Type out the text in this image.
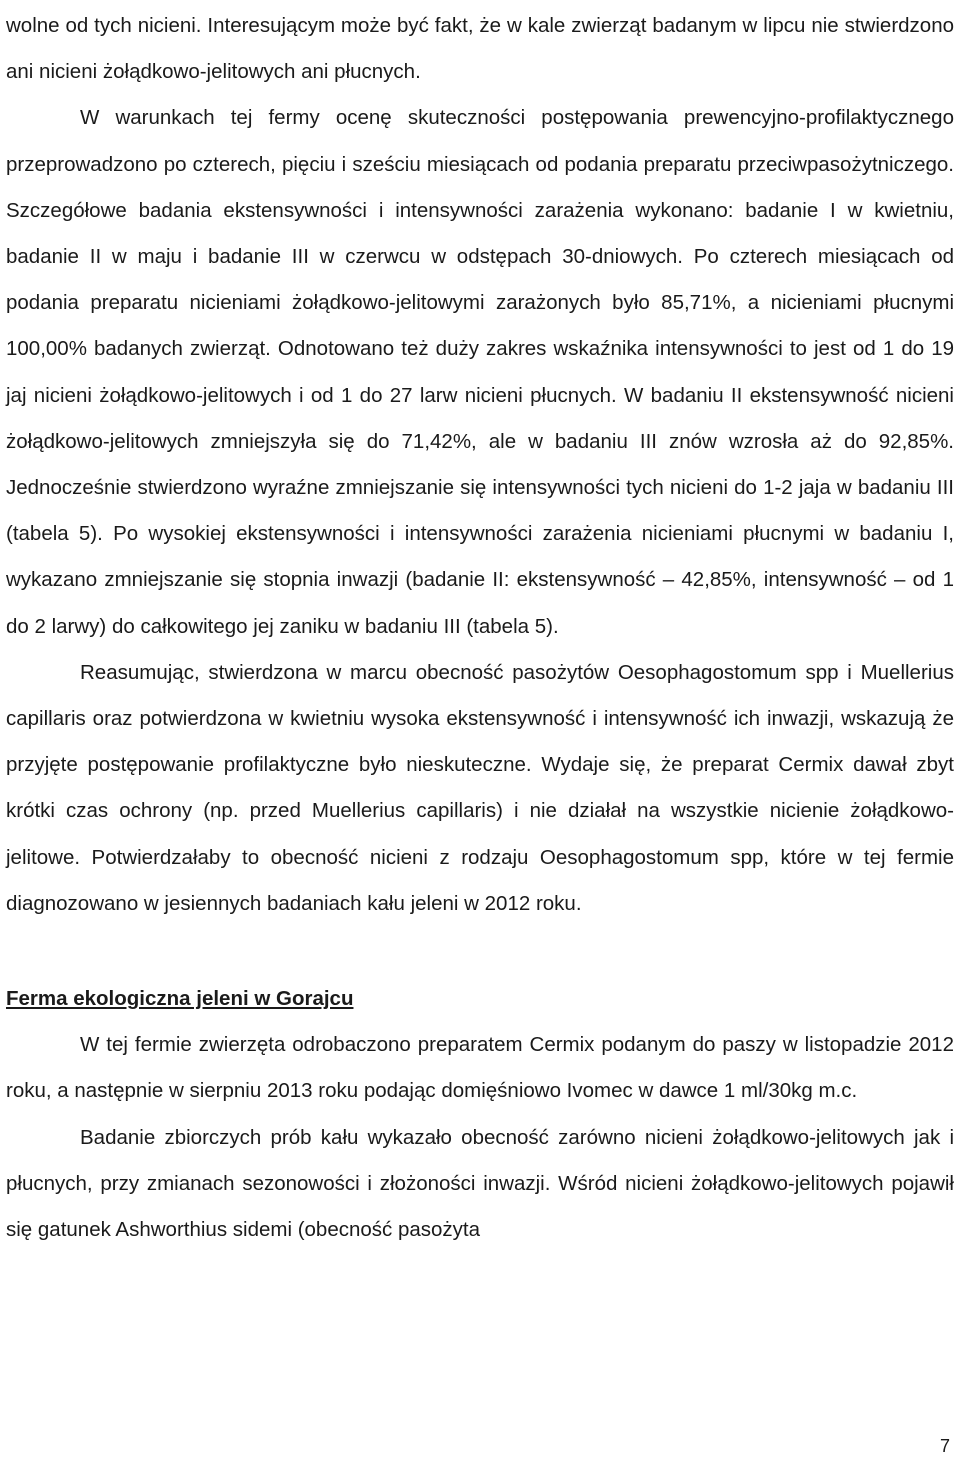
wolne od tych nicieni. Interesującym może być fakt, że w kale zwierząt badanym w lipcu nie stwierdzono ani nicieni żołądkowo-jelitowych ani płucnych.

W warunkach tej fermy ocenę skuteczności postępowania prewencyjno-profilaktycznego przeprowadzono po czterech, pięciu i sześciu miesiącach od podania preparatu przeciwpasożytniczego. Szczegółowe badania ekstensywności i intensywności zarażenia wykonano: badanie I w kwietniu, badanie II w maju i badanie III w czerwcu w odstępach 30-dniowych. Po czterech miesiącach od podania preparatu nicieniami żołądkowo-jelitowymi zarażonych było 85,71%, a nicieniami płucnymi 100,00% badanych zwierząt. Odnotowano też duży zakres wskaźnika intensywności to jest od 1 do 19 jaj nicieni żołądkowo-jelitowych i od 1 do 27 larw nicieni płucnych. W badaniu II ekstensywność nicieni żołądkowo-jelitowych zmniejszyła się do 71,42%, ale w badaniu III znów wzrosła aż do 92,85%. Jednocześnie stwierdzono wyraźne zmniejszanie się intensywności tych nicieni do 1-2 jaja w badaniu III (tabela 5). Po wysokiej ekstensywności i intensywności zarażenia nicieniami płucnymi w badaniu I, wykazano zmniejszanie się stopnia inwazji (badanie II: ekstensywność – 42,85%, intensywność – od 1 do 2 larwy) do całkowitego jej zaniku w badaniu III (tabela 5).

Reasumując, stwierdzona w marcu obecność pasożytów Oesophagostomum spp i Muellerius capillaris oraz potwierdzona w kwietniu wysoka ekstensywność i intensywność ich inwazji, wskazują że przyjęte postępowanie profilaktyczne było nieskuteczne. Wydaje się, że preparat Cermix dawał zbyt krótki czas ochrony (np. przed Muellerius capillaris) i nie działał na wszystkie nicienie żołądkowo-jelitowe. Potwierdzałaby to obecność nicieni z rodzaju Oesophagostomum spp, które w tej fermie diagnozowano w jesiennych badaniach kału jeleni w 2012 roku.

Ferma ekologiczna jeleni w Gorajcu

W tej fermie zwierzęta odrobaczono preparatem Cermix podanym do paszy w listopadzie 2012 roku, a następnie w sierpniu 2013 roku podając domięśniowo Ivomec w dawce 1 ml/30kg m.c.

Badanie zbiorczych prób kału wykazało obecność zarówno nicieni żołądkowo-jelitowych jak i płucnych, przy zmianach sezonowości i złożoności inwazji. Wśród nicieni żołądkowo-jelitowych pojawił się gatunek Ashworthius sidemi (obecność pasożyta

7
